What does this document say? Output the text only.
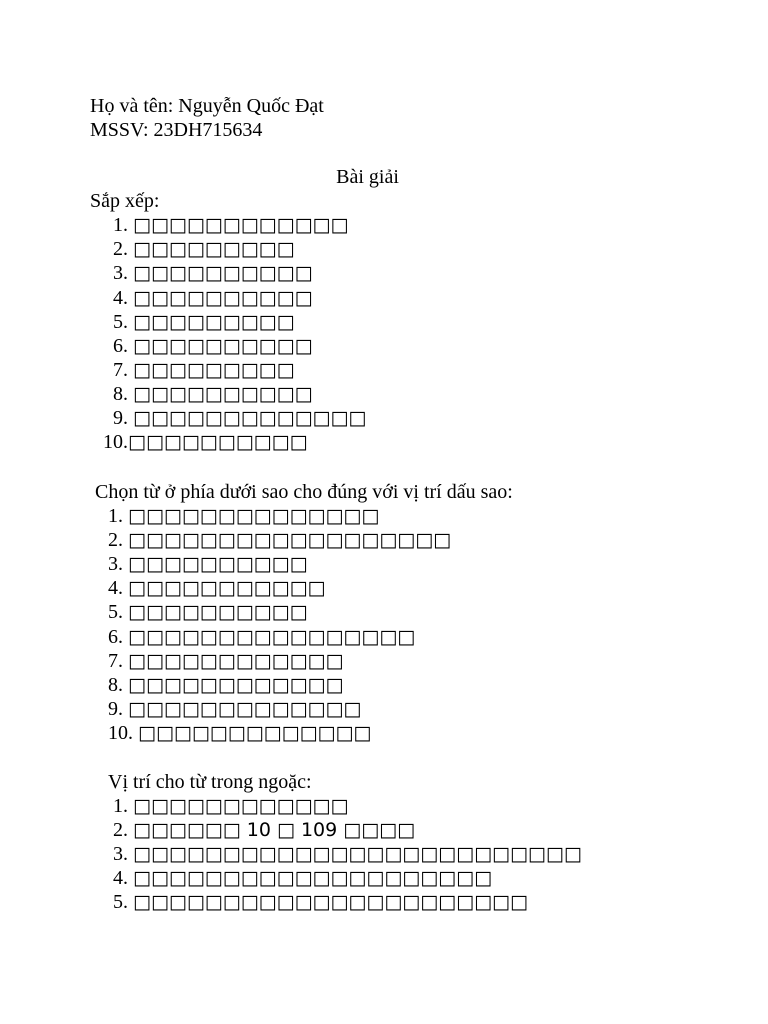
Họ và tên: Nguyễn Quốc Đạt
MSSV: 23DH715634
Bài giải
Sắp xếp:
1. □□□□□□□□□□□□
2. □□□□□□□□□
3. □□□□□□□□□□
4. □□□□□□□□□□
5. □□□□□□□□□
6. □□□□□□□□□□
7. □□□□□□□□□
8. □□□□□□□□□□
9. □□□□□□□□□□□□□
10.□□□□□□□□□□
Chọn từ ở phía dưới sao cho đúng với vị trí dấu sao:
1. □□□□□□□□□□□□□□
2. □□□□□□□□□□□□□□□□□□
3. □□□□□□□□□□
4. □□□□□□□□□□□
5. □□□□□□□□□□
6. □□□□□□□□□□□□□□□□
7. □□□□□□□□□□□□
8. □□□□□□□□□□□□
9. □□□□□□□□□□□□□
10. □□□□□□□□□□□□□
Vị trí cho từ trong ngoặc:
1. □□□□□□□□□□□□
2. □□□□□□ 10 □ 109 □□□□
3. □□□□□□□□□□□□□□□□□□□□□□□□□
4. □□□□□□□□□□□□□□□□□□□□
5. □□□□□□□□□□□□□□□□□□□□□□
